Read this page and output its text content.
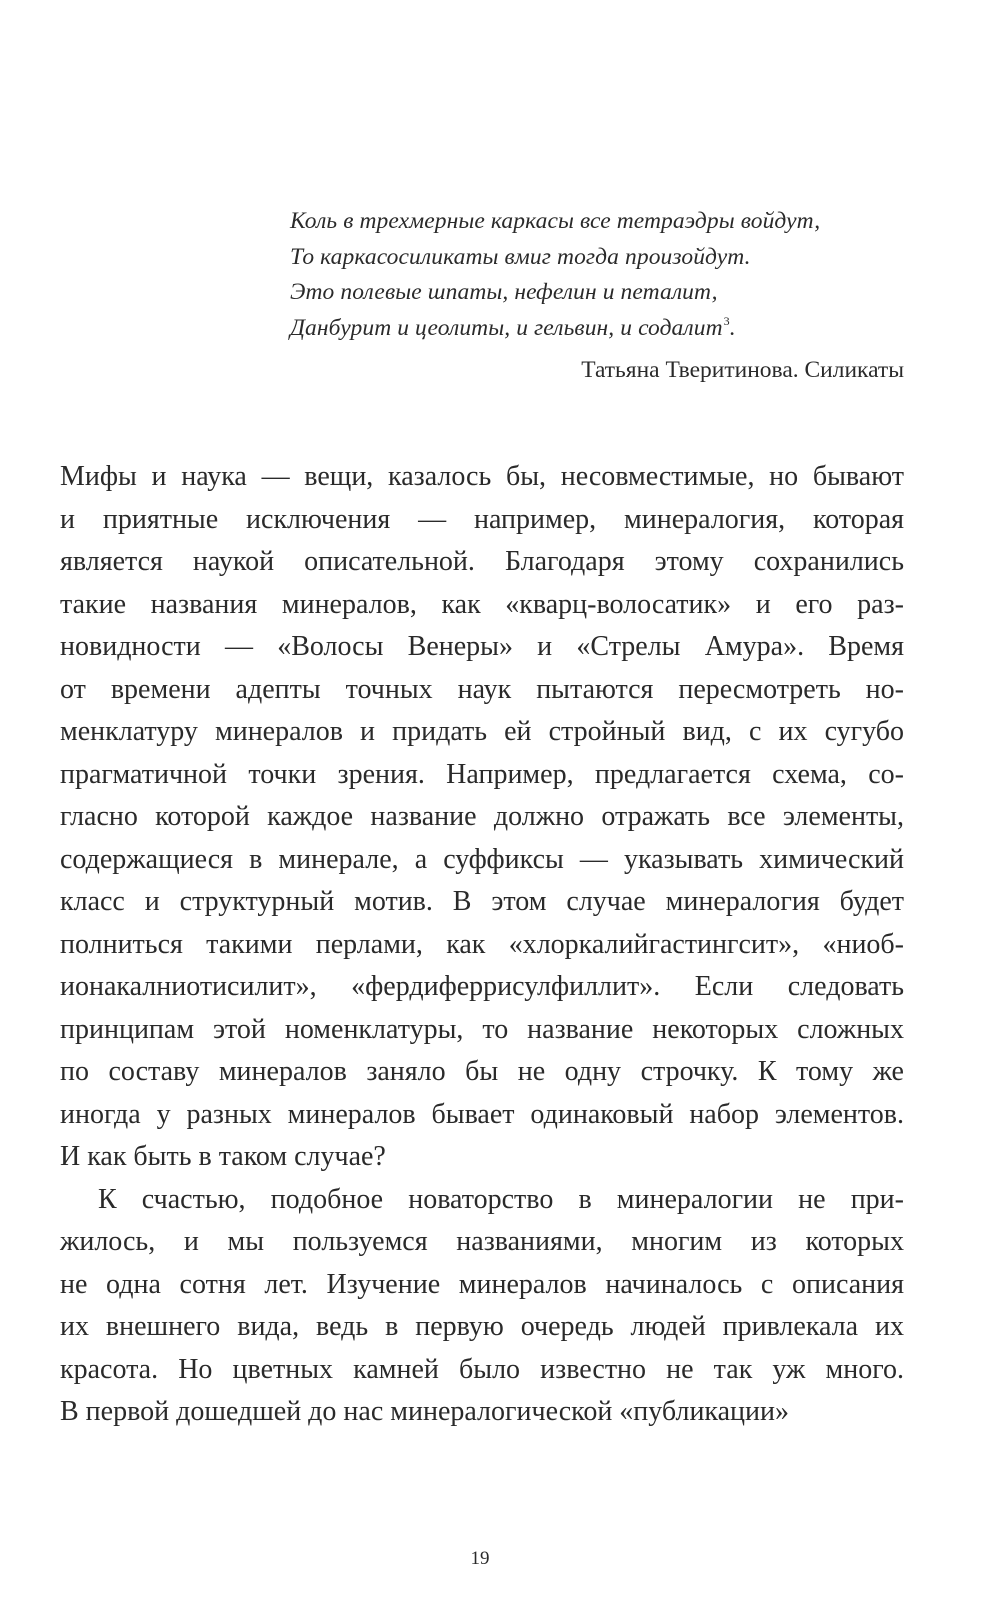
Коль в трехмерные каркасы все тетраэдры войдут,
То каркасосиликаты вмиг тогда произойдут.
Это полевые шпаты, нефелин и петалит,
Данбурит и цеолиты, и гельвин, и содалит$^3$.
Татьяна Тверитинова. Силикаты

Мифы и наука — вещи, казалось бы, несовместимые, но бывают
и приятные исключения — например, минералогия, которая
является наукой описательной. Благодаря этому сохранились
такие названия минералов, как «кварц-волосатик» и его раз-
новидности — «Волосы Венеры» и «Стрелы Амура». Время
от времени адепты точных наук пытаются пересмотреть но-
менклатуру минералов и придать ей стройный вид, с их сугубо
прагматичной точки зрения. Например, предлагается схема, со-
гласно которой каждое название должно отражать все элементы,
содержащиеся в минерале, а суффиксы — указывать химический
класс и структурный мотив. В этом случае минералогия будет
полниться такими перлами, как «хлоркалийгастингсит», «ниоб-
ионакалниотисилит», «фердиферрисулфиллит». Если следовать
принципам этой номенклатуры, то название некоторых сложных
по составу минералов заняло бы не одну строчку. К тому же
иногда у разных минералов бывает одинаковый набор элементов.
И как быть в таком случае?

К счастью, подобное новаторство в минералогии не при-
жилось, и мы пользуемся названиями, многим из которых
не одна сотня лет. Изучение минералов начиналось с описания
их внешнего вида, ведь в первую очередь людей привлекала их
красота. Но цветных камней было известно не так уж много.
В первой дошедшей до нас минералогической «публикации»

19
